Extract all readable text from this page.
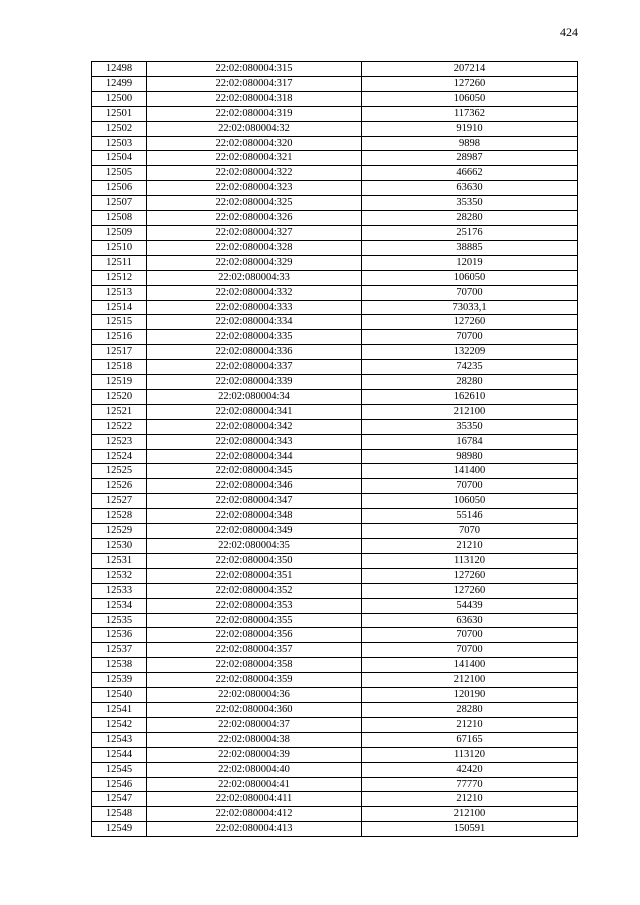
424
12498	22:02:080004:315	207214
12499	22:02:080004:317	127260
12500	22:02:080004:318	106050
12501	22:02:080004:319	117362
12502	22:02:080004:32	91910
12503	22:02:080004:320	9898
12504	22:02:080004:321	28987
12505	22:02:080004:322	46662
12506	22:02:080004:323	63630
12507	22:02:080004:325	35350
12508	22:02:080004:326	28280
12509	22:02:080004:327	25176
12510	22:02:080004:328	38885
12511	22:02:080004:329	12019
12512	22:02:080004:33	106050
12513	22:02:080004:332	70700
12514	22:02:080004:333	73033,1
12515	22:02:080004:334	127260
12516	22:02:080004:335	70700
12517	22:02:080004:336	132209
12518	22:02:080004:337	74235
12519	22:02:080004:339	28280
12520	22:02:080004:34	162610
12521	22:02:080004:341	212100
12522	22:02:080004:342	35350
12523	22:02:080004:343	16784
12524	22:02:080004:344	98980
12525	22:02:080004:345	141400
12526	22:02:080004:346	70700
12527	22:02:080004:347	106050
12528	22:02:080004:348	55146
12529	22:02:080004:349	7070
12530	22:02:080004:35	21210
12531	22:02:080004:350	113120
12532	22:02:080004:351	127260
12533	22:02:080004:352	127260
12534	22:02:080004:353	54439
12535	22:02:080004:355	63630
12536	22:02:080004:356	70700
12537	22:02:080004:357	70700
12538	22:02:080004:358	141400
12539	22:02:080004:359	212100
12540	22:02:080004:36	120190
12541	22:02:080004:360	28280
12542	22:02:080004:37	21210
12543	22:02:080004:38	67165
12544	22:02:080004:39	113120
12545	22:02:080004:40	42420
12546	22:02:080004:41	77770
12547	22:02:080004:411	21210
12548	22:02:080004:412	212100
12549	22:02:080004:413	150591
